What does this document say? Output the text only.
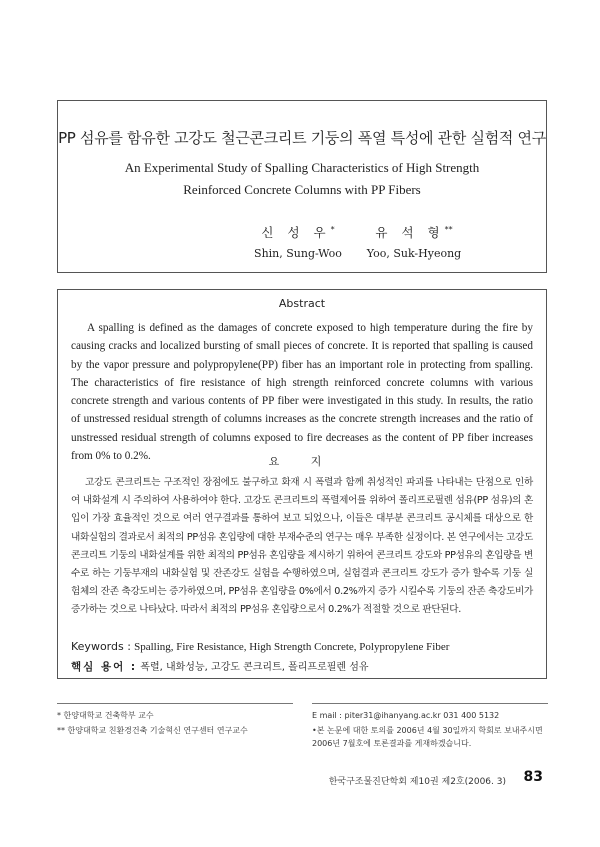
PP 섬유를 함유한 고강도 철근콘크리트 기둥의 폭열 특성에 관한 실험적 연구
An Experimental Study of Spalling Characteristics of High Strength
Reinforced Concrete Columns with PP Fibers
신 성 우*
Shin, Sung-Woo
유 석 형**
Yoo, Suk-Hyeong
Abstract

A spalling is defined as the damages of concrete exposed to high temperature during the fire by causing cracks and localized bursting of small pieces of concrete. It is reported that spalling is caused by the vapor pressure and polypropylene(PP) fiber has an important role in protecting from spalling. The characteristics of fire resistance of high strength reinforced concrete columns with various concrete strength and various contents of PP fiber were investigated in this study. In results, the ratio of unstressed residual strength of columns increases as the concrete strength increases and the ratio of unstressed residual strength of columns exposed to fire decreases as the content of PP fiber increases from 0% to 0.2%.	요 지

고강도 콘크리트는 구조적인 장점에도 불구하고 화재 시 폭렬과 함께 취성적인 파괴를 나타내는 단점으로 인하여 내화설계 시 주의하여 사용하여야 한다. 고강도 콘크리트의 폭렬제어를 위하여 폴리프로필렌 섬유(PP 섬유)의 혼입이 가장 효율적인 것으로 여러 연구결과를 통하여 보고 되었으나, 이들은 대부분 콘크리트 공시체를 대상으로 한 내화실험의 결과로서 최적의 PP섬유 혼입량에 대한 부재수준의 연구는 매우 부족한 실정이다. 본 연구에서는 고강도 콘크리트 기둥의 내화설계를 위한 최적의 PP섬유 혼입량을 제시하기 위하여 콘크리트 강도와 PP섬유의 혼입량을 변수로 하는 기둥부재의 내화실험 및 잔존강도 실험을 수행하였으며, 실험결과 콘크리트 강도가 증가 할수록 기둥 실험체의 잔존 축강도비는 증가하였으며, PP섬유 혼입량을 0%에서 0.2%까지 증가 시킬수록 기둥의 잔존 축강도비가 증가하는 것으로 나타났다. 따라서 최적의 PP섬유 혼입량으로서 0.2%가 적절할 것으로 판단된다.

Keywords : Spalling, Fire Resistance, High Strength Concrete, Polypropylene Fiber
핵심 용어 : 폭렬, 내화성능, 고강도 콘크리트, 폴리프로필렌 섬유
* 한양대학교 건축학부 교수
** 한양대학교 친환경건축 기술혁신 연구센터 연구교수
E mail : piter31@ihanyang.ac.kr 031 400 5132
•본 논문에 대한 토의를 2006년 4월 30일까지 학회로 보내주시면 2006년 7월호에 토론결과를 게재하겠습니다.
한국구조물진단학회 제10권 제2호(2006. 3) 83
